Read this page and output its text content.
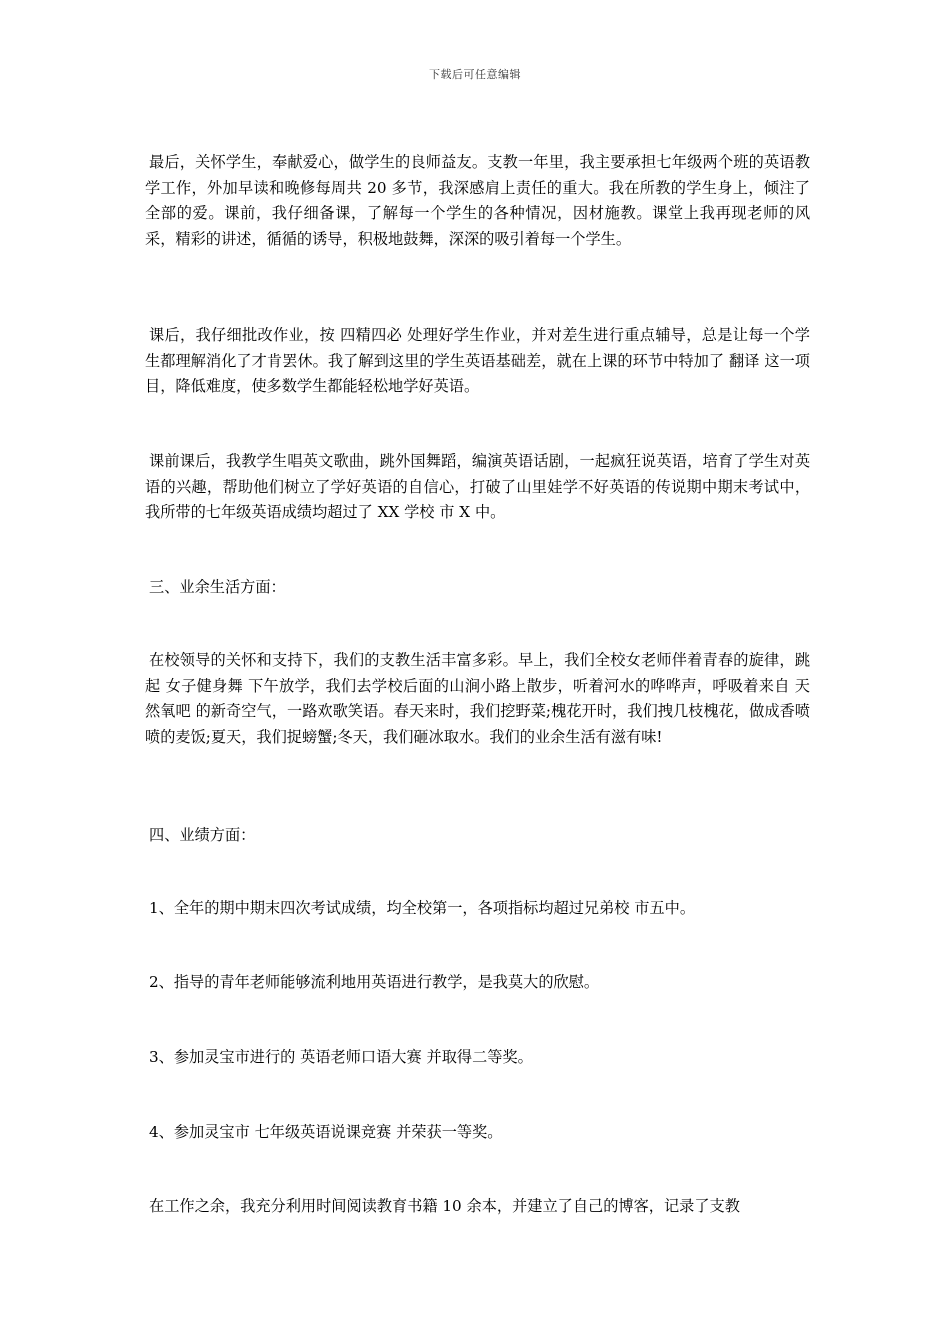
下载后可任意编辑

最后，关怀学生，奉献爱心，做学生的良师益友。支教一年里，我主要承担七年级两个班的英语教学工作，外加早读和晚修每周共 20 多节，我深感肩上责任的重大。我在所教的学生身上，倾注了全部的爱。课前，我仔细备课，了解每一个学生的各种情况，因材施教。课堂上我再现老师的风采，精彩的讲述，循循的诱导，积极地鼓舞，深深的吸引着每一个学生。

课后，我仔细批改作业，按 四精四必 处理好学生作业，并对差生进行重点辅导，总是让每一个学生都理解消化了才肯罢休。我了解到这里的学生英语基础差，就在上课的环节中特加了 翻译 这一项目，降低难度，使多数学生都能轻松地学好英语。

课前课后，我教学生唱英文歌曲，跳外国舞蹈，编演英语话剧，一起疯狂说英语，培育了学生对英语的兴趣，帮助他们树立了学好英语的自信心，打破了山里娃学不好英语的传说期中期末考试中，我所带的七年级英语成绩均超过了 XX 学校 市 X 中。

三、业余生活方面：

在校领导的关怀和支持下，我们的支教生活丰富多彩。早上，我们全校女老师伴着青春的旋律，跳起 女子健身舞 下午放学，我们去学校后面的山涧小路上散步，听着河水的哗哗声，呼吸着来自 天然氧吧 的新奇空气，一路欢歌笑语。春天来时，我们挖野菜;槐花开时，我们拽几枝槐花，做成香喷喷的麦饭;夏天，我们捉螃蟹;冬天，我们砸冰取水。我们的业余生活有滋有味!

四、业绩方面：

1、全年的期中期末四次考试成绩，均全校第一，各项指标均超过兄弟校 市五中。

2、指导的青年老师能够流利地用英语进行教学，是我莫大的欣慰。

3、参加灵宝市进行的 英语老师口语大赛 并取得二等奖。

4、参加灵宝市 七年级英语说课竞赛 并荣获一等奖。

在工作之余，我充分利用时间阅读教育书籍 10 余本，并建立了自己的博客，记录了支教
